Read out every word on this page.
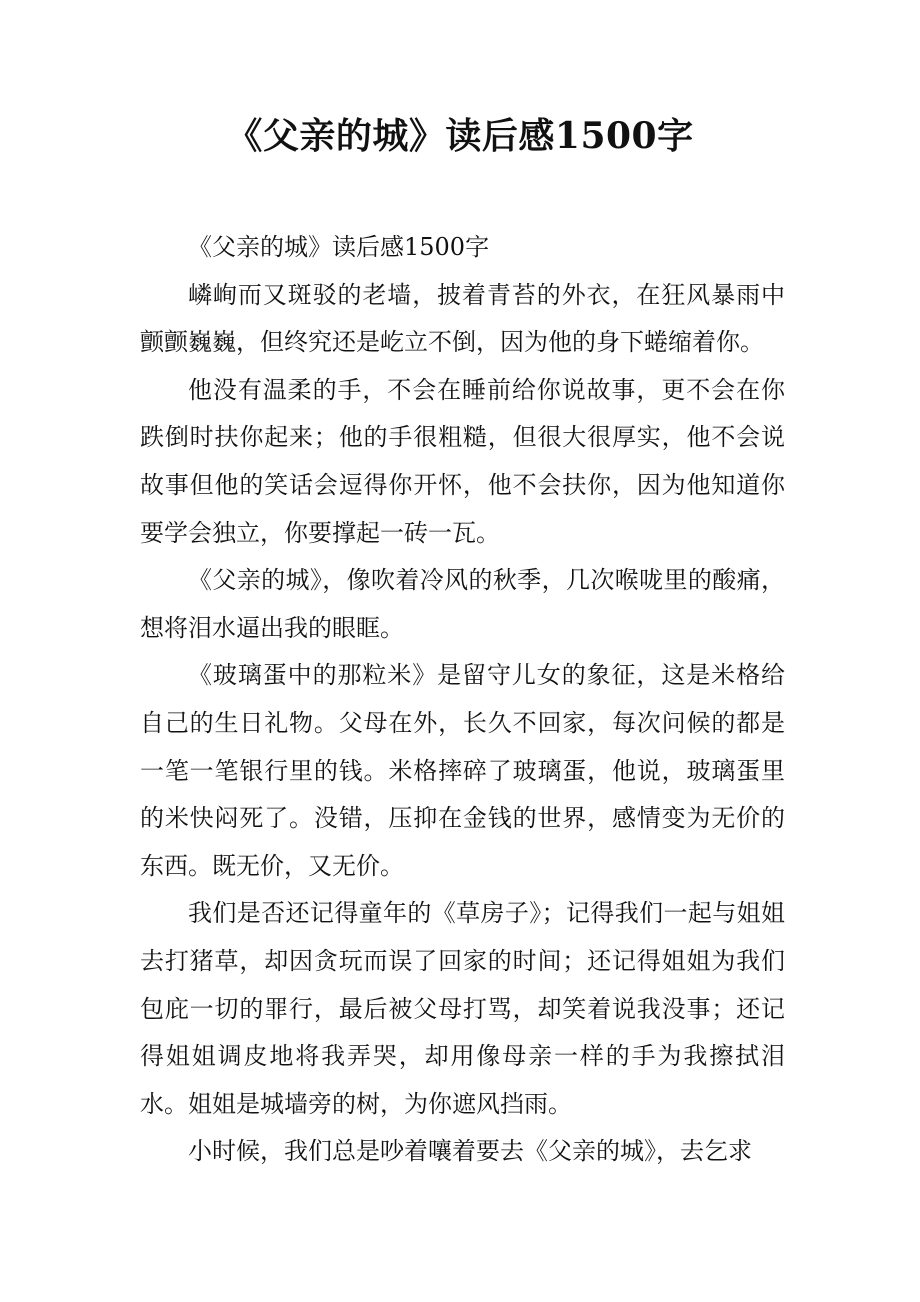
《父亲的城》读后感1500字

《父亲的城》读后感1500字

嶙峋而又斑驳的老墙，披着青苔的外衣，在狂风暴雨中颤颤巍巍，但终究还是屹立不倒，因为他的身下蜷缩着你。

他没有温柔的手，不会在睡前给你说故事，更不会在你跌倒时扶你起来；他的手很粗糙，但很大很厚实，他不会说故事但他的笑话会逗得你开怀，他不会扶你，因为他知道你要学会独立，你要撑起一砖一瓦。

《父亲的城》，像吹着冷风的秋季，几次喉咙里的酸痛，想将泪水逼出我的眼眶。

《玻璃蛋中的那粒米》是留守儿女的象征，这是米格给自己的生日礼物。父母在外，长久不回家，每次问候的都是一笔一笔银行里的钱。米格摔碎了玻璃蛋，他说，玻璃蛋里的米快闷死了。没错，压抑在金钱的世界，感情变为无价的东西。既无价，又无价。

我们是否还记得童年的《草房子》；记得我们一起与姐姐去打猪草，却因贪玩而误了回家的时间；还记得姐姐为我们包庇一切的罪行，最后被父母打骂，却笑着说我没事；还记得姐姐调皮地将我弄哭，却用像母亲一样的手为我擦拭泪水。姐姐是城墙旁的树，为你遮风挡雨。

小时候，我们总是吵着嚷着要去《父亲的城》，去乞求
